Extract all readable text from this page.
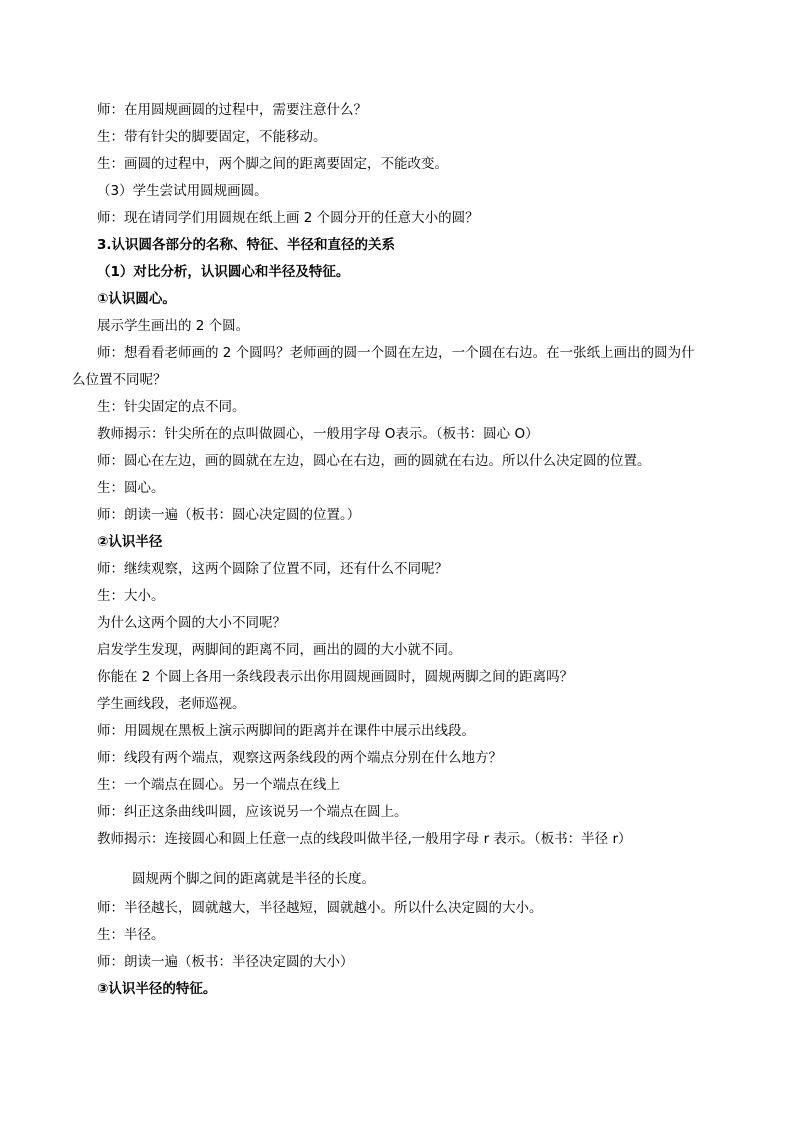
师：在用圆规画圆的过程中，需要注意什么？
生：带有针尖的脚要固定，不能移动。
生：画圆的过程中，两个脚之间的距离要固定，不能改变。
（3）学生尝试用圆规画圆。
师：现在请同学们用圆规在纸上画 2 个圆分开的任意大小的圆？
3.认识圆各部分的名称、特征、半径和直径的关系
（1）对比分析，认识圆心和半径及特征。
①认识圆心。
展示学生画出的 2 个圆。
师：想看看老师画的 2 个圆吗？老师画的圆一个圆在左边，一个圆在右边。在一张纸上画出的圆为什
么位置不同呢？
生：针尖固定的点不同。
教师揭示：针尖所在的点叫做圆心，一般用字母 O表示。（板书：圆心 O）
师：圆心在左边，画的圆就在左边，圆心在右边，画的圆就在右边。所以什么决定圆的位置。
生：圆心。
师：朗读一遍（板书：圆心决定圆的位置。）
②认识半径
师：继续观察，这两个圆除了位置不同，还有什么不同呢？
生：大小。
为什么这两个圆的大小不同呢？
启发学生发现，两脚间的距离不同，画出的圆的大小就不同。
你能在 2 个圆上各用一条线段表示出你用圆规画圆时，圆规两脚之间的距离吗？
学生画线段，老师巡视。
师：用圆规在黑板上演示两脚间的距离并在课件中展示出线段。
师：线段有两个端点，观察这两条线段的两个端点分别在什么地方？
生：一个端点在圆心。另一个端点在线上
师：纠正这条曲线叫圆，应该说另一个端点在圆上。
教师揭示：连接圆心和圆上任意一点的线段叫做半径,一般用字母 r 表示。（板书：半径 r）
圆规两个脚之间的距离就是半径的长度。
师：半径越长，圆就越大，半径越短，圆就越小。所以什么决定圆的大小。
生：半径。
师：朗读一遍（板书：半径决定圆的大小）
③认识半径的特征。
